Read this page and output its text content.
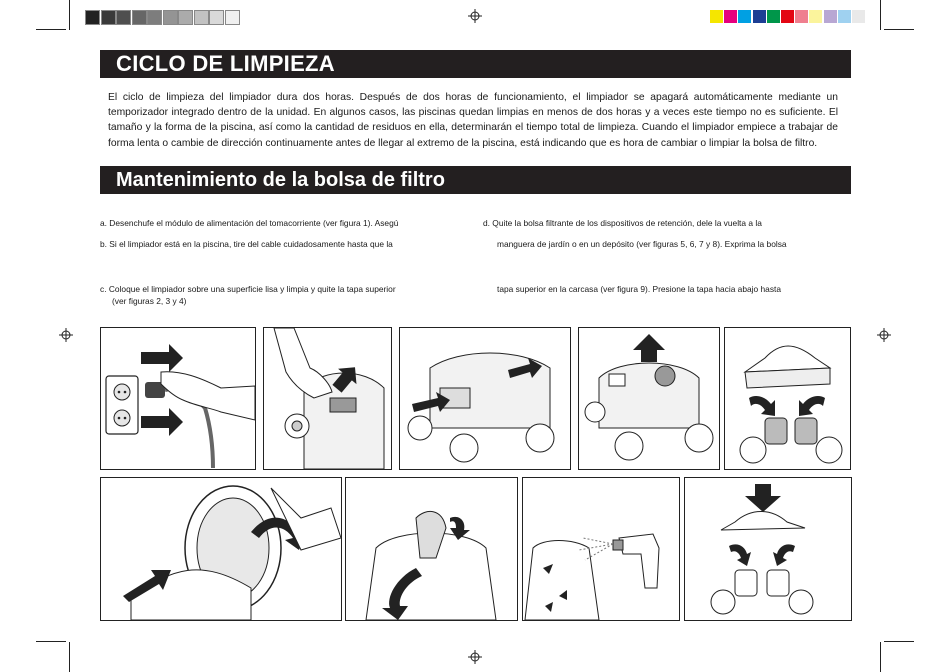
CICLO DE LIMPIEZA
El ciclo de limpieza del limpiador dura dos horas. Después de dos horas de funcionamiento, el limpiador se apagará automáticamente mediante un temporizador integrado dentro de la unidad. En algunos casos, las piscinas quedan limpias en menos de dos horas y a veces este tiempo no es suficiente. El tamaño y la forma de la piscina, así como la cantidad de residuos en ella, determinarán el tiempo total de limpieza. Cuando el limpiador empiece a trabajar de forma lenta o cambie de dirección continuamente antes de llegar al extremo de la piscina, está indicando que es hora de cambiar o limpiar la bolsa de filtro.
Mantenimiento de la bolsa de filtro
a. Desenchufe el módulo de alimentación del tomacorriente (ver figura 1). Asegú
b. Si el limpiador está en la piscina, tire del cable cuidadosamente hasta que la
c. Coloque el limpiador sobre una superficie lisa y limpia y quite la tapa superior
(ver figuras 2, 3 y 4)
d. Quite la bolsa filtrante de los dispositivos de retención, dele la vuelta a la
manguera de jardín o en un depósito (ver figuras 5, 6, 7 y 8). Exprima la bolsa
tapa superior en la carcasa (ver figura 9). Presione la tapa hacia abajo hasta
